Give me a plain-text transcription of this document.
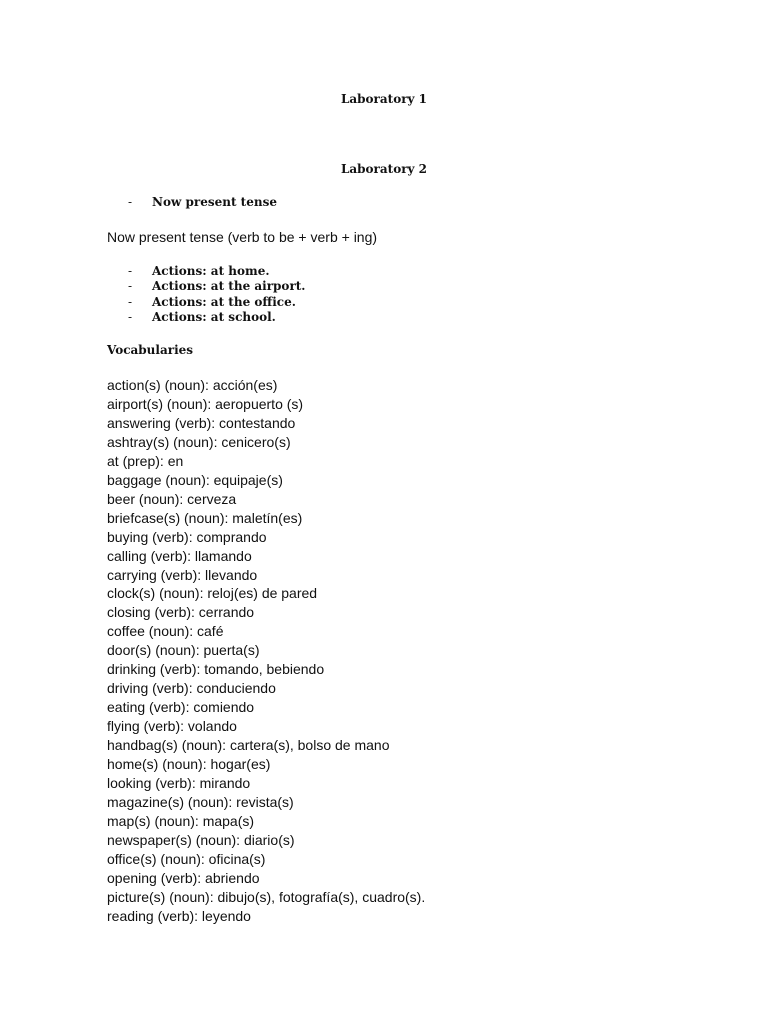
Laboratory 1
Laboratory 2
- Now present tense
Now present tense (verb to be + verb + ing)
- Actions: at home.
- Actions: at the airport.
- Actions: at the office.
- Actions: at school.
Vocabularies
action(s) (noun): acción(es)
airport(s) (noun): aeropuerto (s)
answering (verb): contestando
ashtray(s) (noun): cenicero(s)
at (prep): en
baggage (noun): equipaje(s)
beer (noun): cerveza
briefcase(s) (noun): maletín(es)
buying (verb): comprando
calling (verb): llamando
carrying (verb): llevando
clock(s) (noun): reloj(es) de pared
closing (verb): cerrando
coffee (noun): café
door(s) (noun): puerta(s)
drinking (verb): tomando, bebiendo
driving (verb): conduciendo
eating (verb): comiendo
flying (verb): volando
handbag(s) (noun): cartera(s), bolso de mano
home(s) (noun): hogar(es)
looking (verb): mirando
magazine(s) (noun): revista(s)
map(s) (noun): mapa(s)
newspaper(s) (noun): diario(s)
office(s) (noun): oficina(s)
opening (verb): abriendo
picture(s) (noun): dibujo(s), fotografía(s), cuadro(s).
reading (verb): leyendo
